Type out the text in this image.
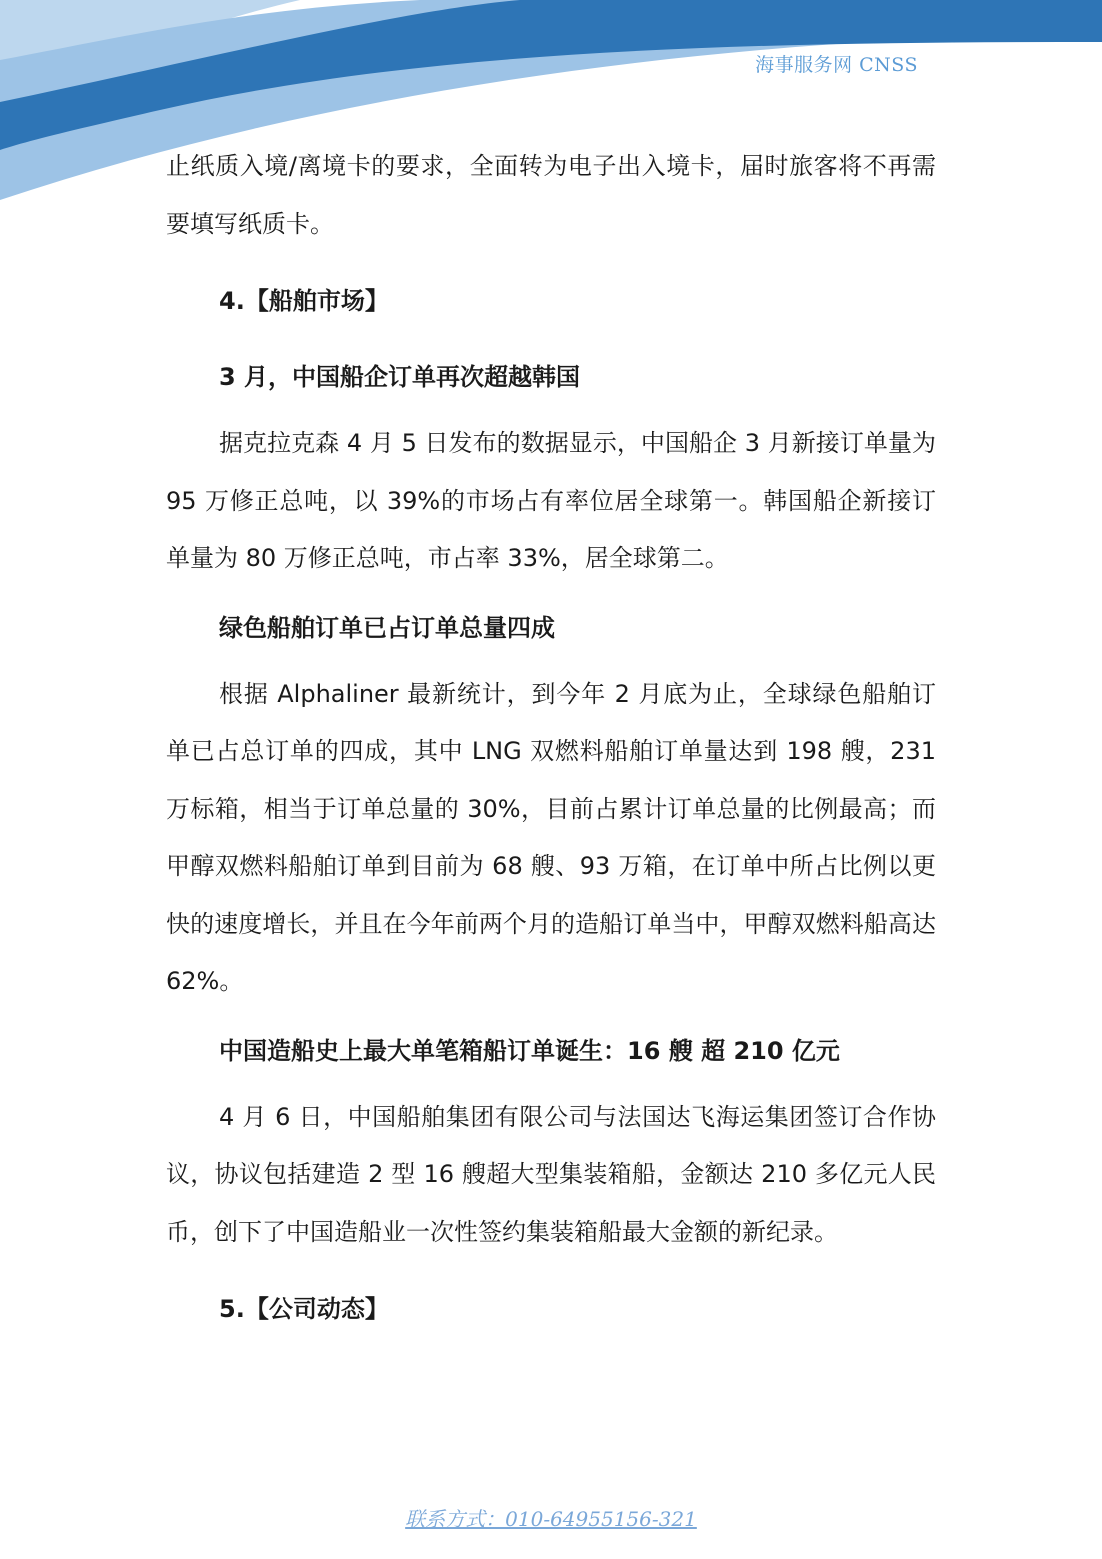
海事服务网 CNSS

止纸质入境/离境卡的要求，全面转为电子出入境卡，届时旅客将不再需要填写纸质卡。

4.【船舶市场】
3 月，中国船企订单再次超越韩国

据克拉克森 4 月 5 日发布的数据显示，中国船企 3 月新接订单量为 95 万修正总吨，以 39%的市场占有率位居全球第一。韩国船企新接订单量为 80 万修正总吨，市占率 33%，居全球第二。

绿色船舶订单已占订单总量四成

根据 Alphaliner 最新统计，到今年 2 月底为止，全球绿色船舶订单已占总订单的四成，其中 LNG 双燃料船舶订单量达到 198 艘，231 万标箱，相当于订单总量的 30%，目前占累计订单总量的比例最高；而甲醇双燃料船舶订单到目前为 68 艘、93 万箱，在订单中所占比例以更快的速度增长，并且在今年前两个月的造船订单当中，甲醇双燃料船高达 62%。

中国造船史上最大单笔箱船订单诞生：16 艘 超 210 亿元

4 月 6 日，中国船舶集团有限公司与法国达飞海运集团签订合作协议，协议包括建造 2 型 16 艘超大型集装箱船，金额达 210 多亿元人民币，创下了中国造船业一次性签约集装箱船最大金额的新纪录。

5.【公司动态】
联系方式：010-64955156-321
